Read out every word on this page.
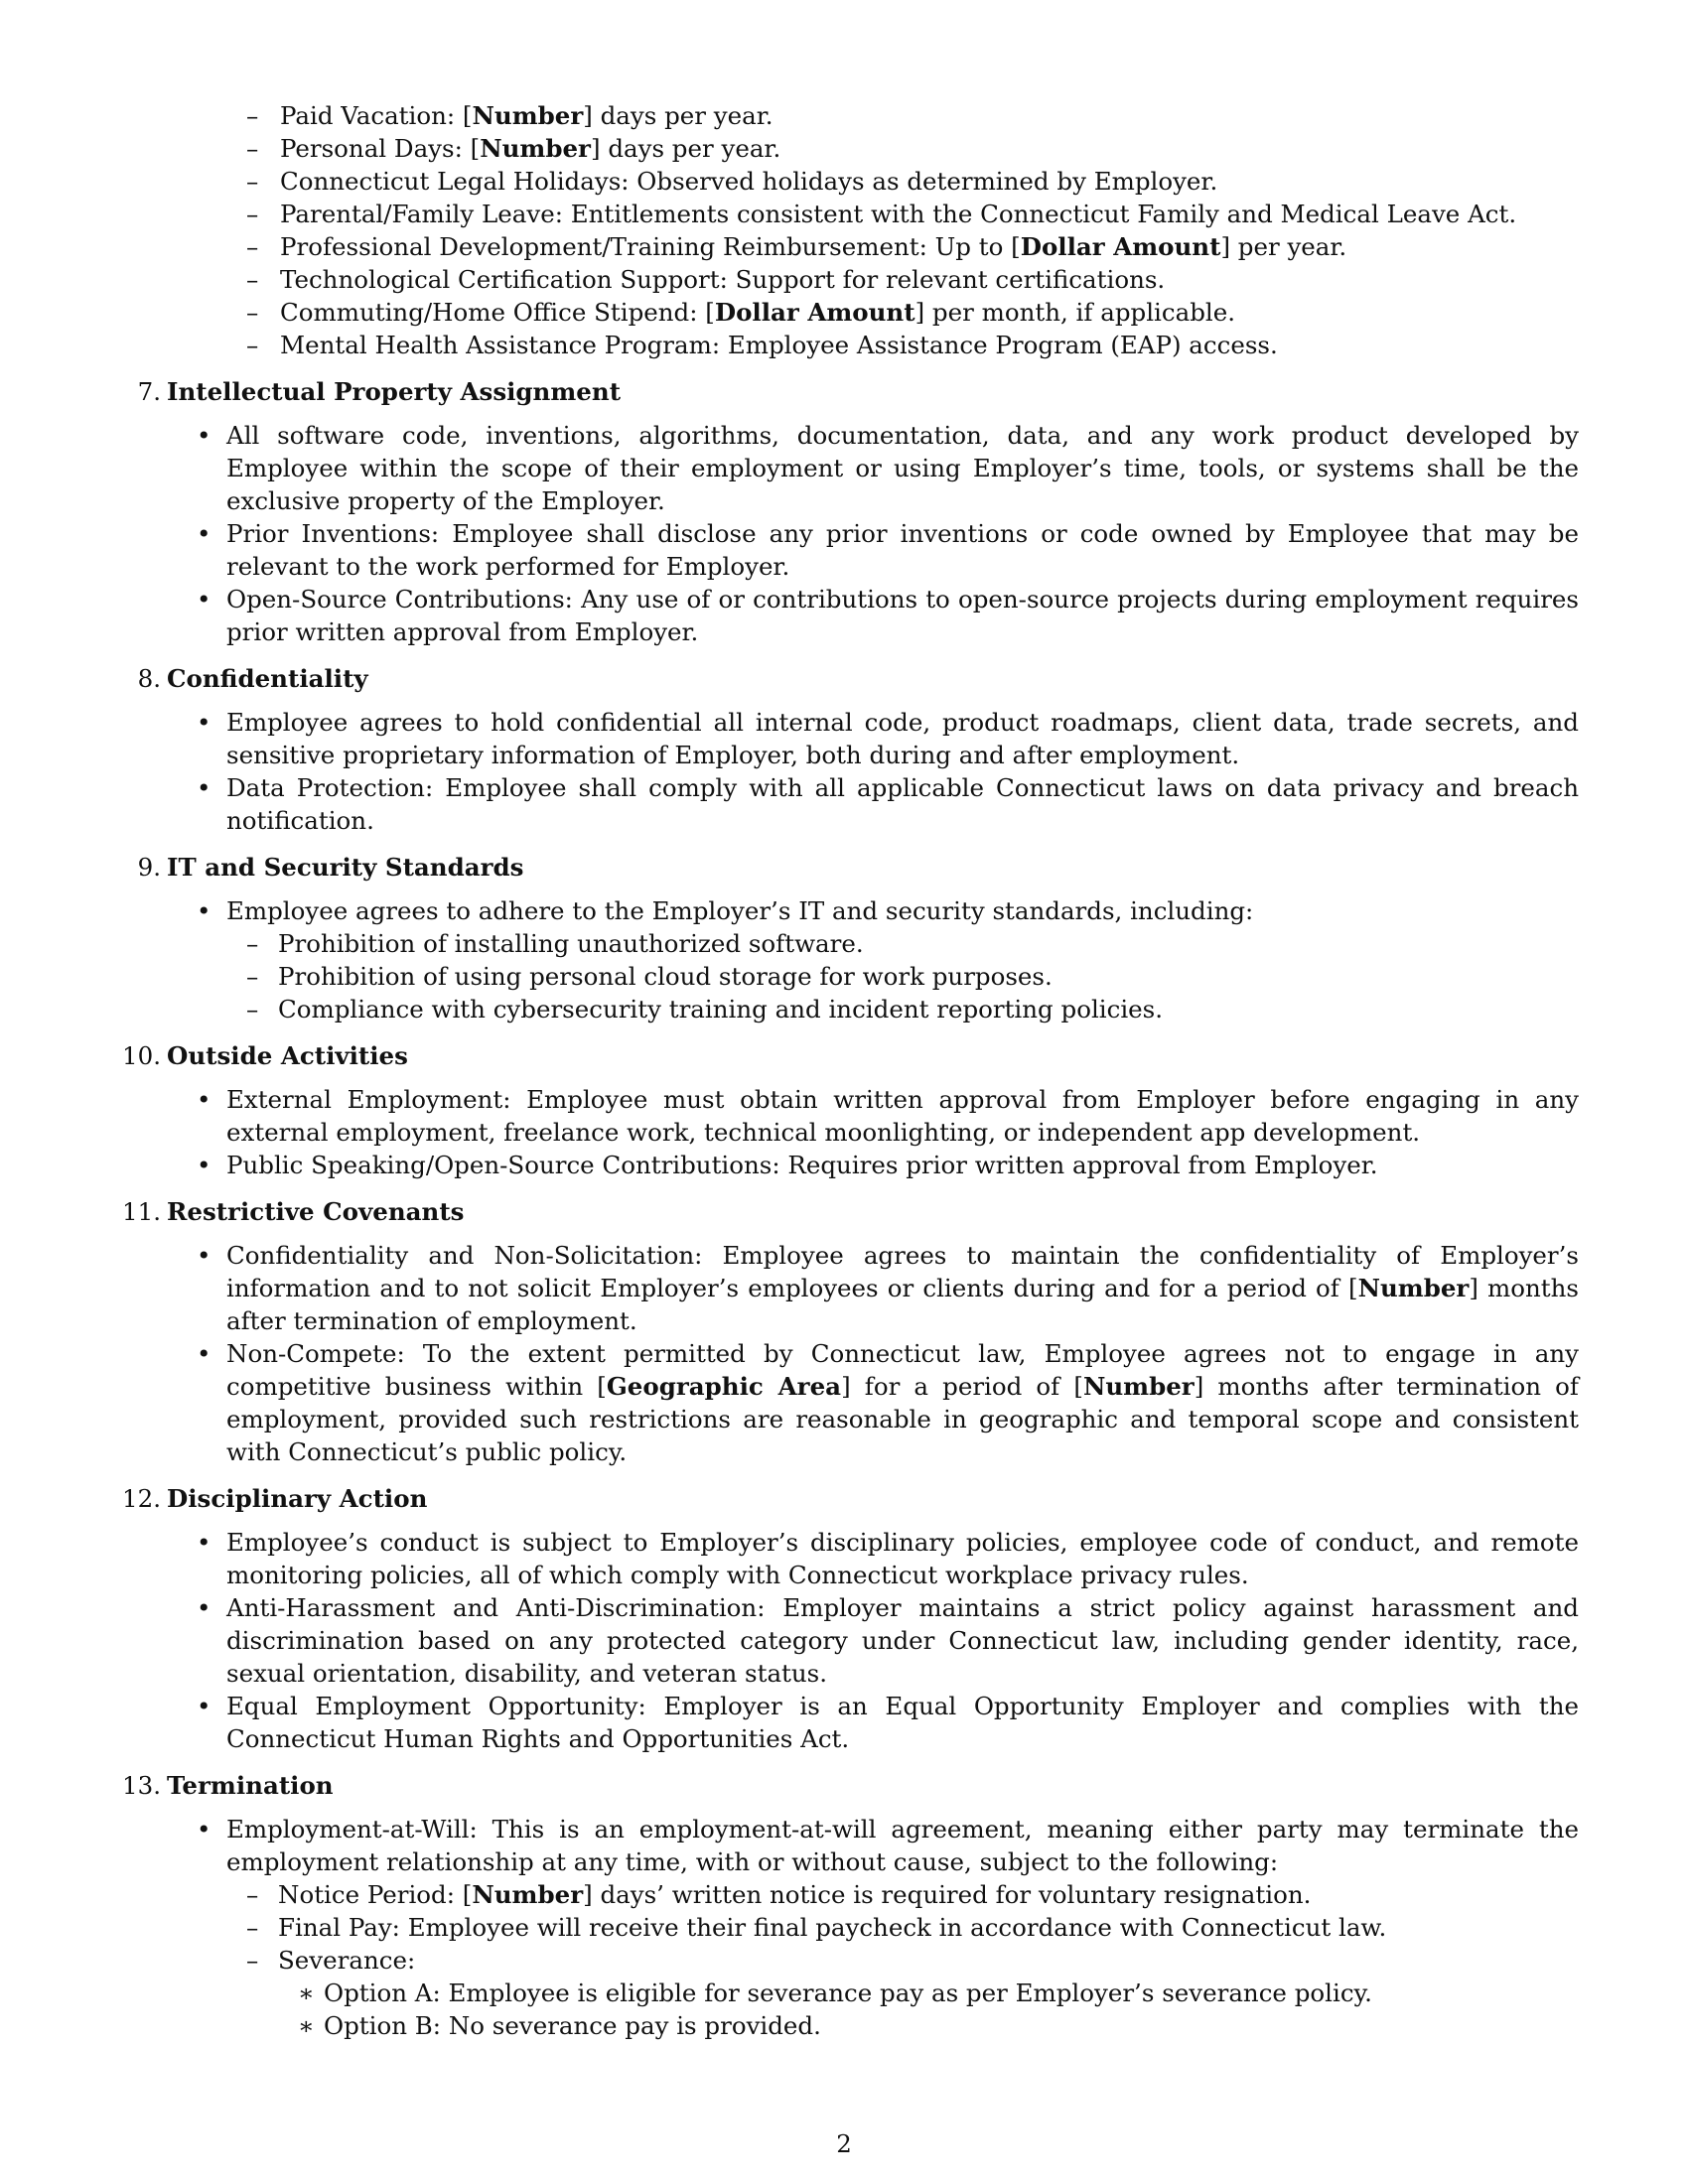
– Paid Vacation: [Number] days per year.
– Personal Days: [Number] days per year.
– Connecticut Legal Holidays: Observed holidays as determined by Employer.
– Parental/Family Leave: Entitlements consistent with the Connecticut Family and Medical Leave Act.
– Professional Development/Training Reimbursement: Up to [Dollar Amount] per year.
– Technological Certification Support: Support for relevant certifications.
– Commuting/Home Office Stipend: [Dollar Amount] per month, if applicable.
– Mental Health Assistance Program: Employee Assistance Program (EAP) access.
7. Intellectual Property Assignment
• All software code, inventions, algorithms, documentation, data, and any work product developed by Employee within the scope of their employment or using Employer’s time, tools, or systems shall be the exclusive property of the Employer.
• Prior Inventions: Employee shall disclose any prior inventions or code owned by Employee that may be relevant to the work performed for Employer.
• Open-Source Contributions: Any use of or contributions to open-source projects during employment requires prior written approval from Employer.
8. Confidentiality
• Employee agrees to hold confidential all internal code, product roadmaps, client data, trade secrets, and sensitive proprietary information of Employer, both during and after employment.
• Data Protection: Employee shall comply with all applicable Connecticut laws on data privacy and breach notification.
9. IT and Security Standards
• Employee agrees to adhere to the Employer’s IT and security standards, including:
– Prohibition of installing unauthorized software.
– Prohibition of using personal cloud storage for work purposes.
– Compliance with cybersecurity training and incident reporting policies.
10. Outside Activities
• External Employment: Employee must obtain written approval from Employer before engaging in any external employment, freelance work, technical moonlighting, or independent app development.
• Public Speaking/Open-Source Contributions: Requires prior written approval from Employer.
11. Restrictive Covenants
• Confidentiality and Non-Solicitation: Employee agrees to maintain the confidentiality of Employer’s information and to not solicit Employer’s employees or clients during and for a period of [Number] months after termination of employment.
• Non-Compete: To the extent permitted by Connecticut law, Employee agrees not to engage in any competitive business within [Geographic Area] for a period of [Number] months after termination of employment, provided such restrictions are reasonable in geographic and temporal scope and consistent with Connecticut’s public policy.
12. Disciplinary Action
• Employee’s conduct is subject to Employer’s disciplinary policies, employee code of conduct, and remote monitoring policies, all of which comply with Connecticut workplace privacy rules.
• Anti-Harassment and Anti-Discrimination: Employer maintains a strict policy against harassment and discrimination based on any protected category under Connecticut law, including gender identity, race, sexual orientation, disability, and veteran status.
• Equal Employment Opportunity: Employer is an Equal Opportunity Employer and complies with the Connecticut Human Rights and Opportunities Act.
13. Termination
• Employment-at-Will: This is an employment-at-will agreement, meaning either party may terminate the employment relationship at any time, with or without cause, subject to the following:
– Notice Period: [Number] days’ written notice is required for voluntary resignation.
– Final Pay: Employee will receive their final paycheck in accordance with Connecticut law.
– Severance:
∗ Option A: Employee is eligible for severance pay as per Employer’s severance policy.
∗ Option B: No severance pay is provided.
2
